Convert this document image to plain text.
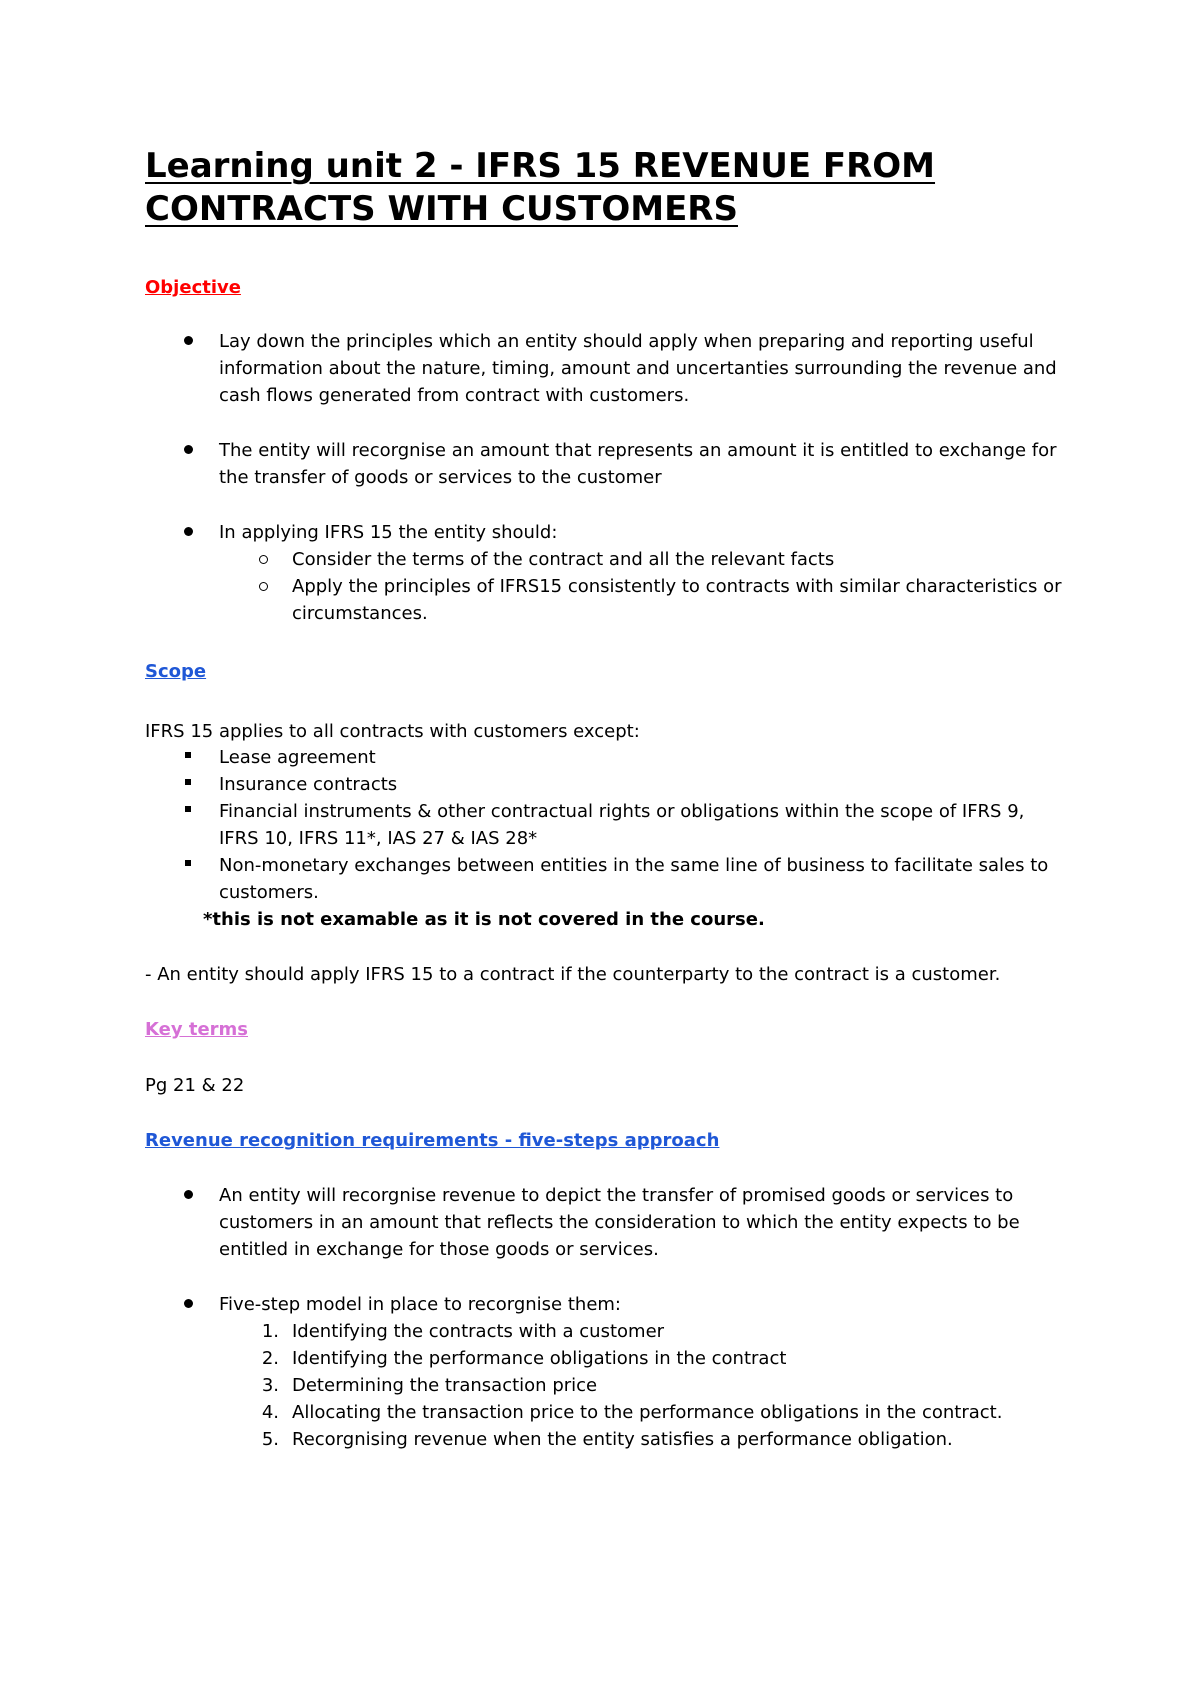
Learning unit 2 - IFRS 15 REVENUE FROM
CONTRACTS WITH CUSTOMERS
Objective
Lay down the principles which an entity should apply when preparing and reporting useful
information about the nature, timing, amount and uncertanties surrounding the revenue and
cash flows generated from contract with customers.
The entity will recorgnise an amount that represents an amount it is entitled to exchange for
the transfer of goods or services to the customer
In applying IFRS 15 the entity should:
Consider the terms of the contract and all the relevant facts
Apply the principles of IFRS15 consistently to contracts with similar characteristics or
circumstances.
Scope
IFRS 15 applies to all contracts with customers except:
Lease agreement
Insurance contracts
Financial instruments & other contractual rights or obligations within the scope of IFRS 9,
IFRS 10, IFRS 11*, IAS 27 & IAS 28*
Non-monetary exchanges between entities in the same line of business to facilitate sales to
customers.
*this is not examable as it is not covered in the course.
- An entity should apply IFRS 15 to a contract if the counterparty to the contract is a customer.
Key terms
Pg 21 & 22
Revenue recognition requirements - five-steps approach
An entity will recorgnise revenue to depict the transfer of promised goods or services to
customers in an amount that reflects the consideration to which the entity expects to be
entitled in exchange for those goods or services.
Five-step model in place to recorgnise them:
1. Identifying the contracts with a customer
2. Identifying the performance obligations in the contract
3. Determining the transaction price
4. Allocating the transaction price to the performance obligations in the contract.
5. Recorgnising revenue when the entity satisfies a performance obligation.
